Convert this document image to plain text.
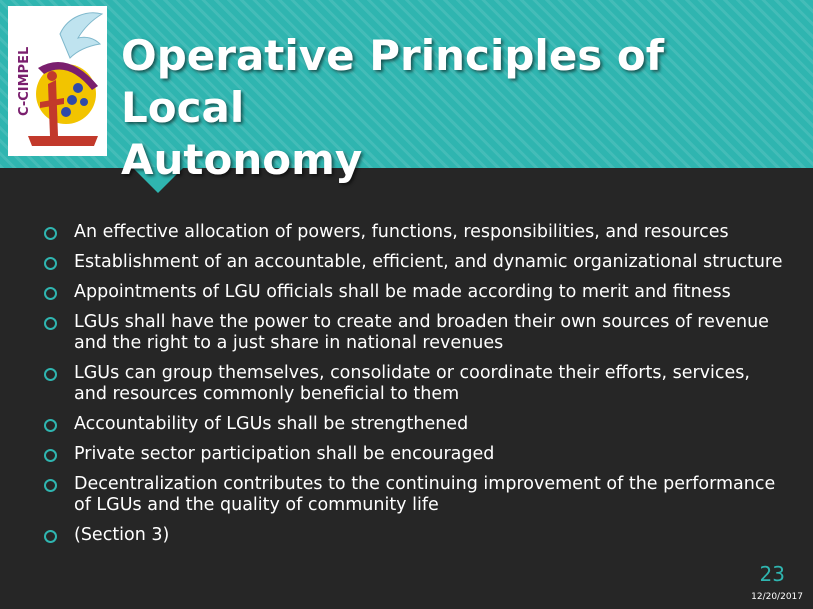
C-CIMPEL Operative Principles of Local
Autonomy
An effective allocation of powers, functions, responsibilities, and resources
Establishment of an accountable, efficient, and dynamic organizational structure
Appointments of LGU officials shall be made according to merit and fitness
LGUs shall have the power to create and broaden their own sources of revenue and the right to a just share in national revenues
LGUs can group themselves, consolidate or coordinate their efforts, services, and resources commonly beneficial to them
Accountability of LGUs shall be strengthened
Private sector participation shall be encouraged
Decentralization contributes to the continuing improvement of the performance of LGUs and the quality of community life
(Section 3)
23
12/20/2017
